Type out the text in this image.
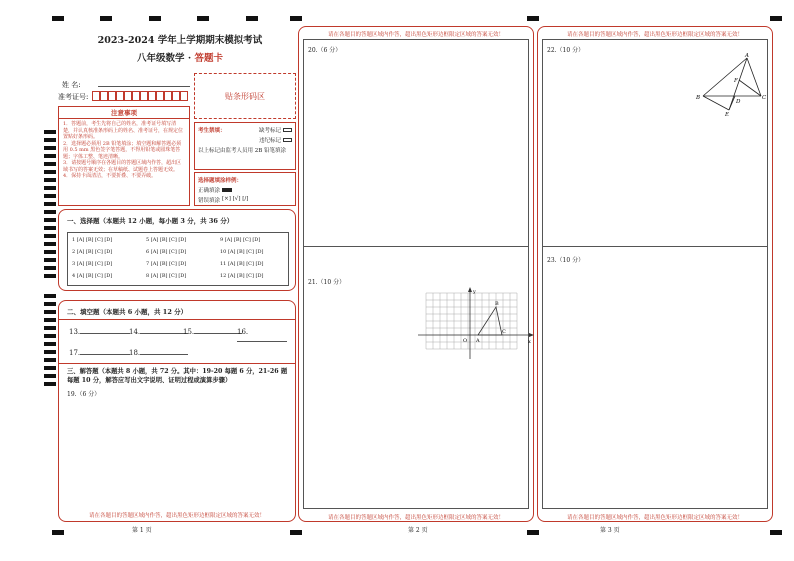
2023-2024 学年上学期期末模拟考试
八年级数学 · 答题卡
姓 名:
准考证号:	贴条形码区
注意事项
1．答题前，考生先将自己的姓名，准考证号填写清楚，并认真核准条形码上的姓名、准考证号，在规定位置贴好条形码。
2．选择题必须用 2B 铅笔填涂；填空题和解答题必须用 0.5 mm 黑色签字笔答题，不得用铅笔或圆珠笔答题；字体工整、笔迹清晰。
3．请按题号顺序在各题目的答题区域内作答，超出区域书写的答案无效；在草稿纸、试题卷上答题无效。
4．保持卡面清洁，不要折叠、不要弄破。
考生禁填：	缺考标记
违纪标记
以上标记由监考人员用 2B 铅笔填涂
选择题填涂样例：
正确填涂
错误填涂 [×] [√] [/]
一、选择题（本题共 12 小题，每小题 3 分，共 36 分）
1 [A] [B] [C] [D]
2 [A] [B] [C] [D]
3 [A] [B] [C] [D]
4 [A] [B] [C] [D]
5 [A] [B] [C] [D]
6 [A] [B] [C] [D]
7 [A] [B] [C] [D]
8 [A] [B] [C] [D]
9 [A] [B] [C] [D]
10 [A] [B] [C] [D]
11 [A] [B] [C] [D]
12 [A] [B] [C] [D]
二、填空题（本题共 6 小题，共 12 分）
13.	14.	15.	16.
17.	18.
三、解答题（本题共 8 小题，共 72 分。其中：19-20 每题 6 分，21-26 题每题 10 分，解答应写出文字说明、证明过程或演算步骤）
19.（6 分）
请在各题目的答题区域内作答，超出黑色矩形边框限定区域的答案无效！
第 1 页
请在各题目的答题区域内作答，超出黑色矩形边框限定区域的答案无效！
20.（6 分）
21.（10 分）
y
x
O A
B
C
请在各题目的答题区域内作答，超出黑色矩形边框限定区域的答案无效！
第 2 页
请在各题目的答题区域内作答，超出黑色矩形边框限定区域的答案无效！
22.（10 分）
A
B	C
D
E
F
23.（10 分）
请在各题目的答题区域内作答，超出黑色矩形边框限定区域的答案无效！
第 3 页
